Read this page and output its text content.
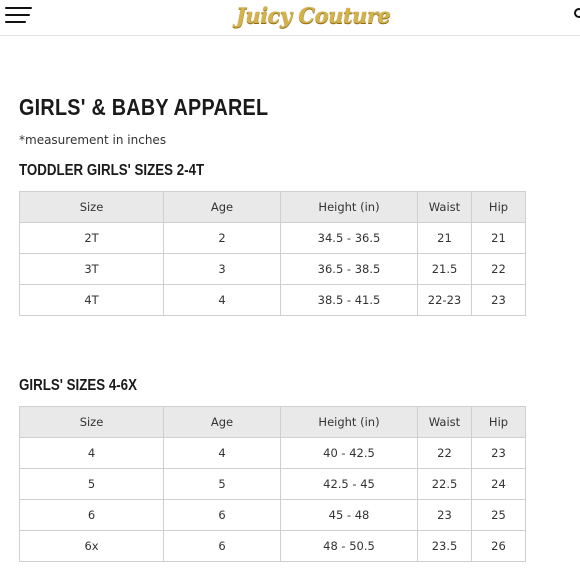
Juicy Couture
GIRLS' & BABY APPAREL
*measurement in inches
TODDLER GIRLS' SIZES 2-4T
Size	Age	Height (in)	Waist	Hip
2T	2	34.5 - 36.5	21	21
3T	3	36.5 - 38.5	21.5	22
4T	4	38.5 - 41.5	22-23	23
GIRLS' SIZES 4-6X
Size	Age	Height (in)	Waist	Hip
4	4	40 - 42.5	22	23
5	5	42.5 - 45	22.5	24
6	6	45 - 48	23	25
6x	6	48 - 50.5	23.5	26
